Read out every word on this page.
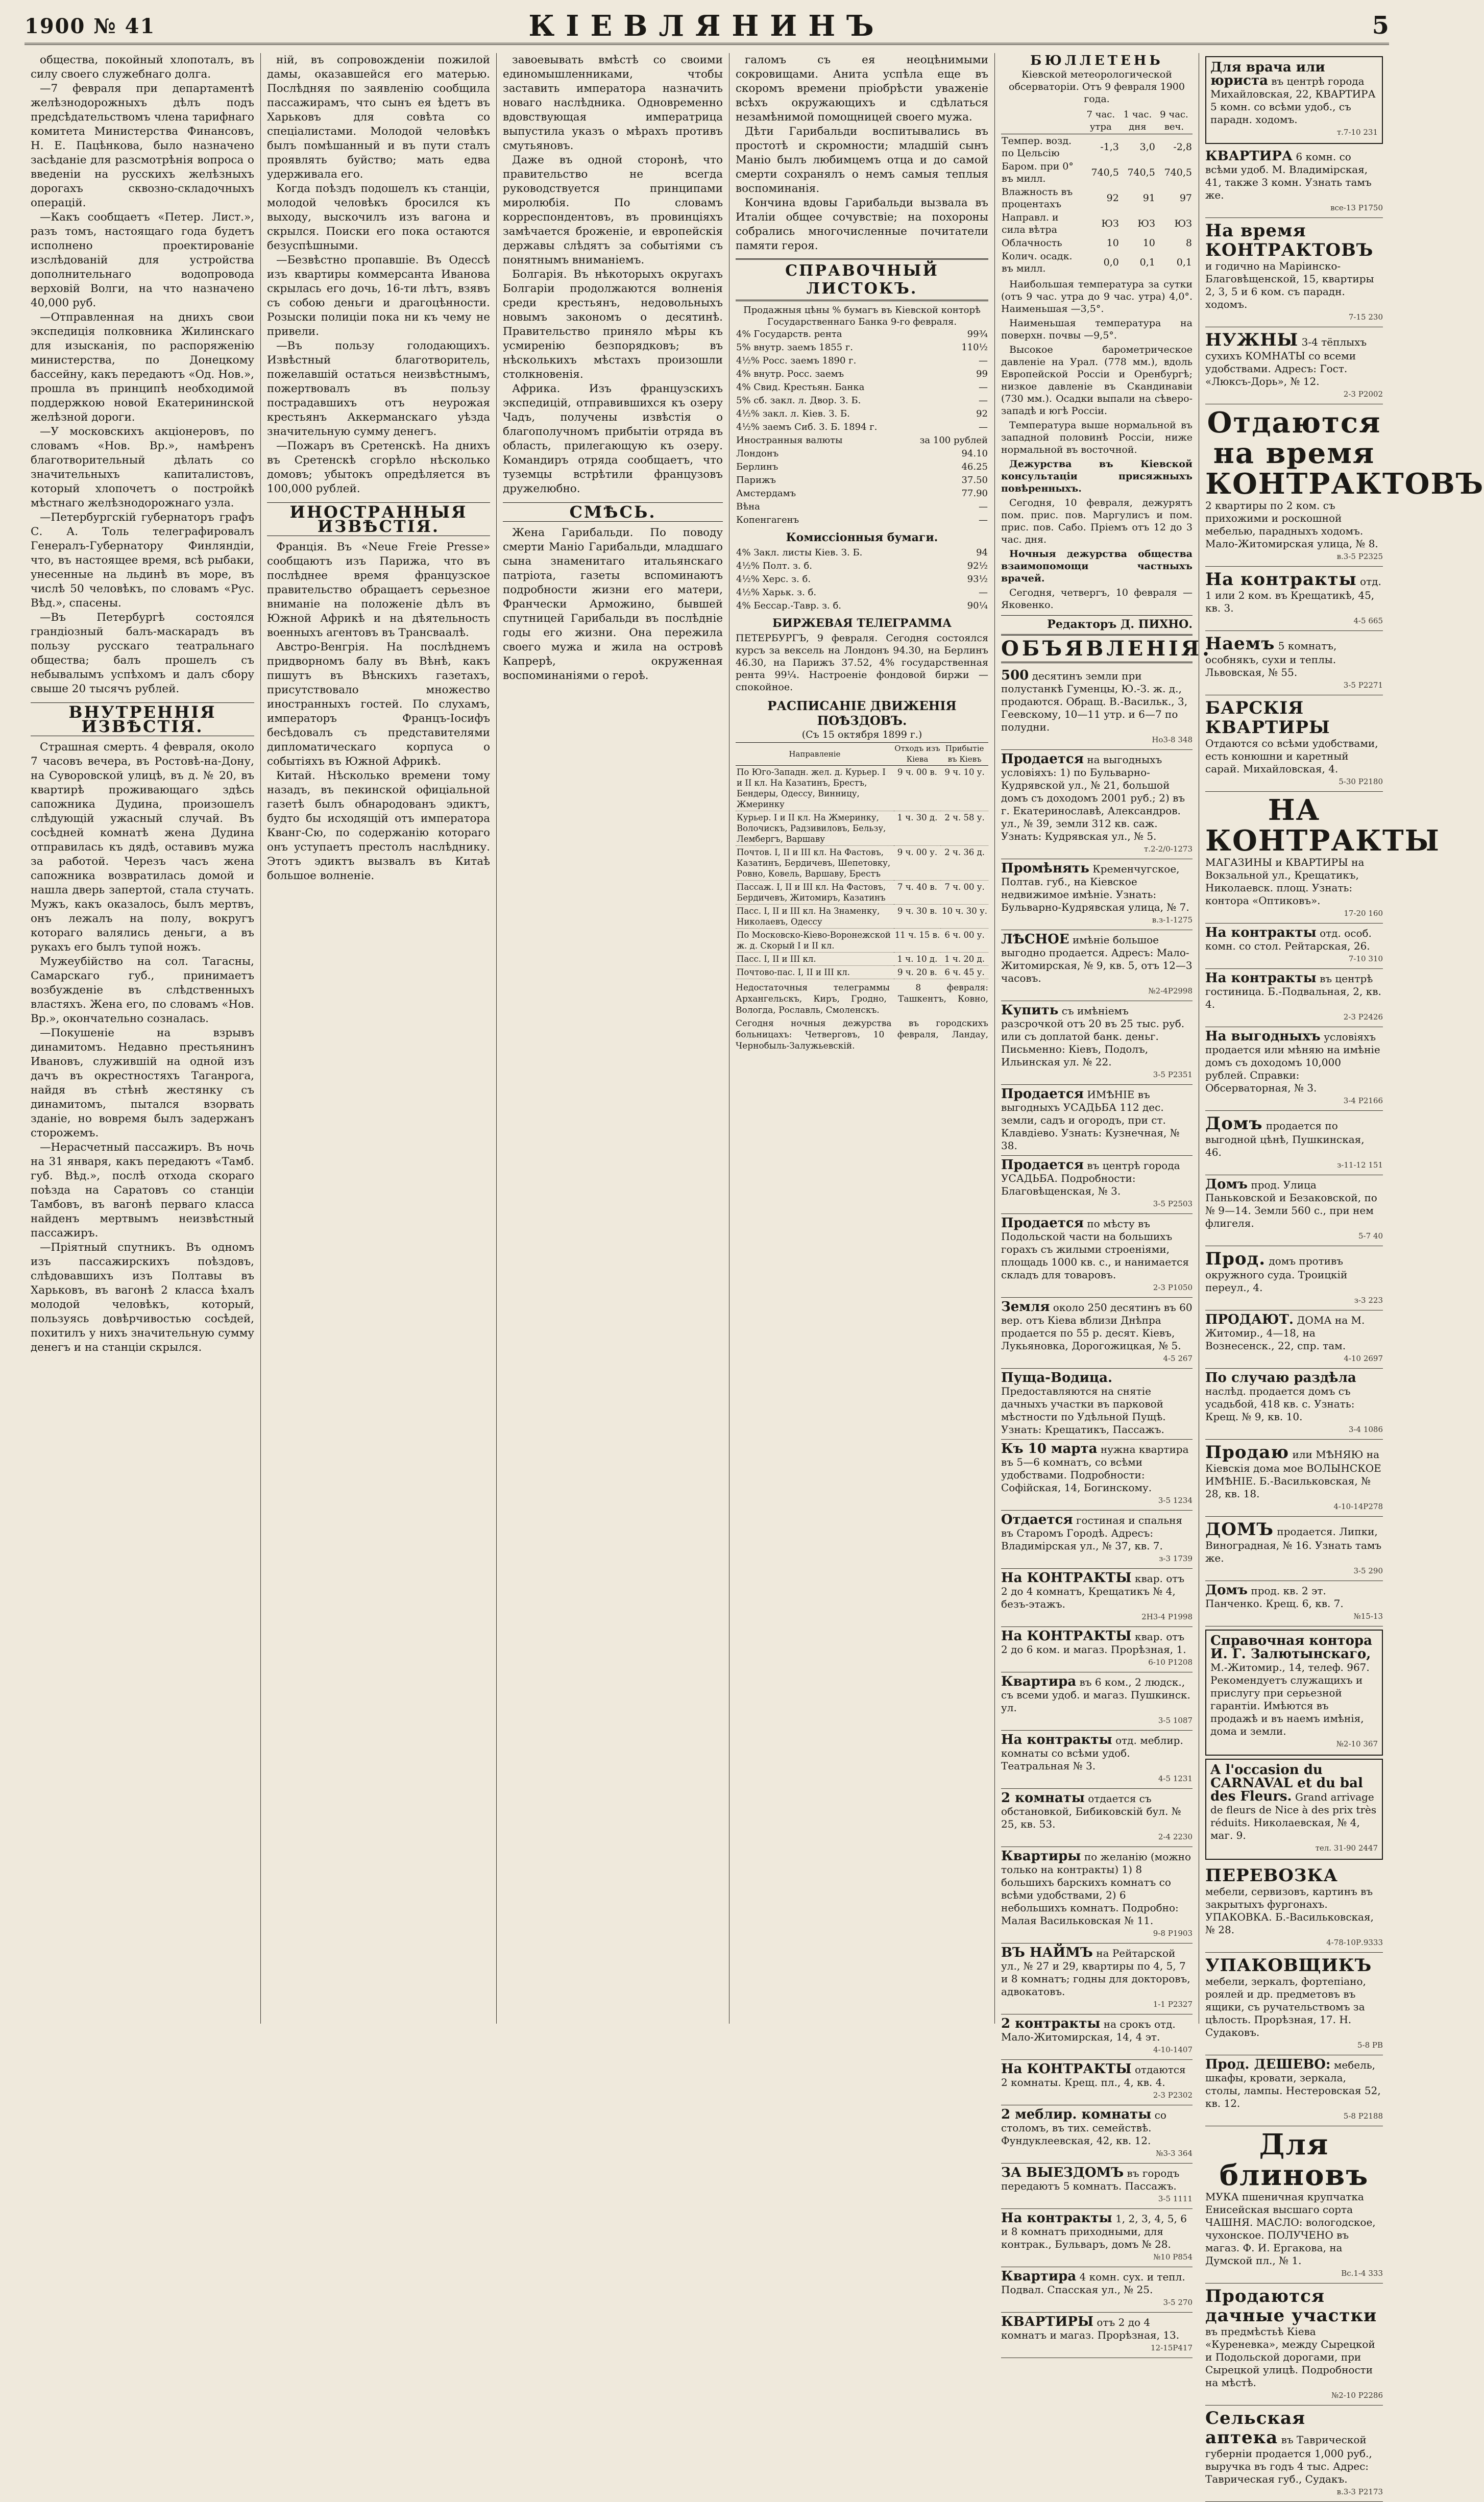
1900 № 41	КІЕВЛЯНИНЪ	5

общества, покойный хлопоталъ, въ силу своего служебнаго долга.

—7 февраля при департаментѣ желѣзнодорожныхъ дѣлъ подъ предсѣдательствомъ члена тарифнаго комитета Министерства Финансовъ, Н. Е. Пацѣнкова, было назначено засѣданіе для разсмотрѣнія вопроса о введеніи на русскихъ желѣзныхъ дорогахъ сквозно-складочныхъ операцій.

—Какъ сообщаетъ «Петер. Лист.», разъ томъ, настоящаго года будетъ исполнено проектированіе изслѣдованій для устройства дополнительнаго водопровода верховій Волги, на что назначено 40,000 руб.

—Отправленная на днихъ свои экспедиція полковника Жилинскаго для изысканія, по распоряженію министерства, по Донецкому бассейну, какъ передаютъ «Од. Нов.», прошла въ принципѣ необходимой поддержкою новой Екатерининской желѣзной дороги.

—У московскихъ акціонеровъ, по словамъ «Нов. Вр.», намѣренъ благотворительный дѣлать со значительныхъ капиталистовъ, который хлопочетъ о постройкѣ мѣстнаго желѣзнодорожнаго узла.

—Петербургскій губернаторъ графъ С. А. Толь телеграфировалъ Генералъ-Губернатору Финляндіи, что, въ настоящее время, всѣ рыбаки, унесенные на льдинѣ въ море, въ числѣ 50 человѣкъ, по словамъ «Рус. Вѣд.», спасены.

—Въ Петербургѣ состоялся грандіозный балъ-маскарадъ въ пользу русскаго театральнаго общества; балъ прошелъ съ небывалымъ успѣхомъ и далъ сбору свыше 20 тысячъ рублей.

ВНУТРЕННІЯ ИЗВѢСТІЯ.

Страшная смерть. 4 февраля, около 7 часовъ вечера, въ Ростовѣ-на-Дону, на Суворовской улицѣ, въ д. № 20, въ квартирѣ проживающаго здѣсь сапожника Дудина, произошелъ слѣдующій ужасный случай. Въ сосѣдней комнатѣ жена Дудина отправилась къ дядѣ, оставивъ мужа за работой. Черезъ часъ жена сапожника возвратилась домой и нашла дверь запертой, стала стучать. Мужъ, какъ оказалось, былъ мертвъ, онъ лежалъ на полу, вокругъ котораго валялись деньги, а въ рукахъ его былъ тупой ножъ.

Мужеубійство на сол. Тагасны, Самарскаго губ., принимаетъ возбужденіе въ слѣдственныхъ властяхъ. Жена его, по словамъ «Нов. Вр.», окончательно созналась.

—Покушеніе на взрывъ динамитомъ. Недавно престьянинъ Ивановъ, служившій на одной изъ дачъ въ окрестностяхъ Таганрога, найдя въ стѣнѣ жестянку съ динамитомъ, пытался взорвать зданіе, но вовремя былъ задержанъ сторожемъ.

—Нерасчетный пассажиръ. Въ ночь на 31 января, какъ передаютъ «Тамб. губ. Вѣд.», послѣ отхода скораго поѣзда на Саратовъ со станціи Тамбовъ, въ вагонѣ перваго класса найденъ мертвымъ неизвѣстный пассажиръ.

—Пріятный спутникъ. Въ одномъ изъ пассажирскихъ поѣздовъ, слѣдовавшихъ изъ Полтавы въ Харьковъ, въ вагонѣ 2 класса ѣхалъ молодой человѣкъ, который, пользуясь довѣрчивостью сосѣдей, похитилъ у нихъ значительную сумму денегъ и на станціи скрылся.

ній, въ сопровожденіи пожилой дамы, оказавшейся его матерью. Послѣдняя по заявленію сообщила пассажирамъ, что сынъ ея ѣдетъ въ Харьковъ для совѣта со спеціалистами. Молодой человѣкъ былъ помѣшанный и въ пути сталъ проявлять буйство; мать едва удерживала его.

Когда поѣздъ подошелъ къ станціи, молодой человѣкъ бросился къ выходу, выскочилъ изъ вагона и скрылся. Поиски его пока остаются безуспѣшными.

—Безвѣстно пропавшіе. Въ Одессѣ изъ квартиры коммерсанта Иванова скрылась его дочь, 16-ти лѣтъ, взявъ съ собою деньги и драгоцѣнности. Розыски полиціи пока ни къ чему не привели.

—Въ пользу голодающихъ. Извѣстный благотворитель, пожелавшій остаться неизвѣстнымъ, пожертвовалъ въ пользу пострадавшихъ отъ неурожая крестьянъ Аккерманскаго уѣзда значительную сумму денегъ.

—Пожаръ въ Сретенскѣ. На днихъ въ Сретенскѣ сгорѣло нѣсколько домовъ; убытокъ опредѣляется въ 100,000 рублей.

ИНОСТРАННЫЯ ИЗВѢСТІЯ.

Франція. Въ «Neue Freie Presse» сообщаютъ изъ Парижа, что въ послѣднее время французское правительство обращаетъ серьезное вниманіе на положеніе дѣлъ въ Южной Африкѣ и на дѣятельность военныхъ агентовъ въ Трансваалѣ.

Австро-Венгрія. На послѣднемъ придворномъ балу въ Вѣнѣ, какъ пишутъ въ Вѣнскихъ газетахъ, присутствовало множество иностранныхъ гостей. По слухамъ, императоръ Францъ-Іосифъ бесѣдовалъ съ представителями дипломатическаго корпуса о событіяхъ въ Южной Африкѣ.

Китай. Нѣсколько времени тому назадъ, въ пекинской офиціальной газетѣ былъ обнародованъ эдиктъ, будто бы исходящій отъ императора Кванг-Сю, по содержанію котораго онъ уступаетъ престолъ наслѣднику. Этотъ эдиктъ вызвалъ въ Китаѣ большое волненіе.

завоевывать вмѣстѣ со своими единомышленниками, чтобы заставить императора назначить новаго наслѣдника. Одновременно вдовствующая императрица выпустила указъ о мѣрахъ противъ смутьяновъ.

Даже въ одной сторонѣ, что правительство не всегда руководствуется принципами миролюбія. По словамъ корреспондентовъ, въ провинціяхъ замѣчается броженіе, и европейскія державы слѣдятъ за событіями съ понятнымъ вниманіемъ.

Болгарія. Въ нѣкоторыхъ округахъ Болгаріи продолжаются волненія среди крестьянъ, недовольныхъ новымъ закономъ о десятинѣ. Правительство приняло мѣры къ усмиренію безпорядковъ; въ нѣсколькихъ мѣстахъ произошли столкновенія.

Африка. Изъ французскихъ экспедицій, отправившихся къ озеру Чадъ, получены извѣстія о благополучномъ прибытіи отряда въ область, прилегающую къ озеру. Командиръ отряда сообщаетъ, что туземцы встрѣтили французовъ дружелюбно.

СМѢСЬ.

Жена Гарибальди. По поводу смерти Маніо Гарибальди, младшаго сына знаменитаго итальянскаго патріота, газеты вспоминаютъ подробности жизни его матери, Франчески Арможино, бывшей спутницей Гарибальди въ послѣдніе годы его жизни. Она пережила своего мужа и жила на островѣ Капрерѣ, окруженная воспоминаніями о героѣ.

галомъ съ ея неоцѣнимыми сокровищами. Анита успѣла еще въ скоромъ времени пріобрѣсти уваженіе всѣхъ окружающихъ и сдѣлаться незамѣнимой помощницей своего мужа.

Дѣти Гарибальди воспитывались въ простотѣ и скромности; младшій сынъ Маніо былъ любимцемъ отца и до самой смерти сохранялъ о немъ самыя теплыя воспоминанія.

Кончина вдовы Гарибальди вызвала въ Италіи общее сочувствіе; на похороны собрались многочисленные почитатели памяти героя.

СПРАВОЧНЫЙ ЛИСТОКЪ.
Продажныя цѣны % бумагъ въ Кіевской конторѣ Государственнаго Банка 9-го февраля.
4% Государств. рента	99¾
5% внутр. заемъ 1855 г.	110½
4½% Росс. заемъ 1890 г.	—
4% внутр. Росс. заемъ	99
4% Свид. Крестьян. Банка	—
5% сб. закл. л. Двор. З. Б.	—
4½% закл. л. Кіев. З. Б.	92
4½% заемъ Сиб. 3. Б. 1894 г.	—
Иностранныя валюты	за 100 рублей
Лондонъ	94.10
Берлинъ	46.25
Парижъ	37.50
Амстердамъ	77.90
Вѣна	—
Копенгагенъ	—
Комиссіонныя бумаги.
4% Закл. листы Кіев. З. Б.	94
4½% Полт. з. б.	92½
4½% Херс. з. б.	93½
4½% Харьк. з. б.	—
4% Бессар.-Тавр. з. б.	90¼
БИРЖЕВАЯ ТЕЛЕГРАММА
ПЕТЕРБУРГЪ, 9 февраля. Сегодня состоялся курсъ за вексель на Лондонъ 94.30, на Берлинъ 46.30, на Парижъ 37.52, 4% государственная рента 99¼. Настроеніе фондовой биржи — спокойное.
РАСПИСАНІЕ ДВИЖЕНІЯ ПОѢЗДОВЪ.
(Съ 15 октября 1899 г.)
Направленіе	Отходъ изъ Кіева	Прибытіе въ Кіевъ
По Юго-Западн. жел. д. Курьер. I и II кл. На Казатинъ, Брестъ, Бендеры, Одессу, Винницу, Жмеринку	9 ч. 00 в.	9 ч. 10 у.
Курьер. I и II кл. На Жмеринку, Волочискъ, Радзивиловъ, Бельзу, Лембергъ, Варшаву	1 ч. 30 д.	2 ч. 58 у.
Почтов. I, II и III кл. На Фастовъ, Казатинъ, Бердичевъ, Шепетовку, Ровно, Ковель, Варшаву, Брестъ	9 ч. 00 у.	2 ч. 36 д.
Пассаж. I, II и III кл. На Фастовъ, Бердичевъ, Житомиръ, Казатинъ	7 ч. 40 в.	7 ч. 00 у.
Пасс. I, II и III кл. На Знаменку, Николаевъ, Одессу	9 ч. 30 в.	10 ч. 30 у.
По Московско-Кіево-Воронежской ж. д. Скорый I и II кл.	11 ч. 15 в.	6 ч. 00 у.
Пасс. I, II и III кл.	1 ч. 10 д.	1 ч. 20 д.
Почтово-пас. I, II и III кл.	9 ч. 20 в.	6 ч. 45 у.
Недостаточныя телеграммы 8 февраля: Архангельскъ, Киръ, Гродно, Ташкентъ, Ковно, Вологда, Рославль, Смоленскъ.
Сегодня ночныя дежурства въ городскихъ больницахъ: Четверговъ, 10 февраля, Ландау, Чернобыль-Залужьевскій.
БЮЛЛЕТЕНЬ
Кіевской метеорологической обсерваторіи. Отъ 9 февраля 1900 года.
	7 час. утра	1 час. дня	9 час. веч.
Темпер. возд. по Цельсію	-1,3	3,0	-2,8
Баром. при 0° въ милл.	740,5	740,5	740,5
Влажность въ процентахъ	92	91	97
Направл. и сила вѣтра	ЮЗ	ЮЗ	ЮЗ
Облачность	10	10	8
Колич. осадк. въ милл.	0,0	0,1	0,1

Наибольшая температура за сутки (отъ 9 час. утра до 9 час. утра) 4,0°. Наименьшая —3,5°.

Наименьшая температура на поверхн. почвы —9,5°.

Высокое барометрическое давленіе на Урал. (778 мм.), вдоль Европейской Россіи и Оренбургѣ; низкое давленіе въ Скандинавіи (730 мм.). Осадки выпали на сѣверо-западѣ и югѣ Россіи.

Температура выше нормальной въ западной половинѣ Россіи, ниже нормальной въ восточной.

Дежурства въ Кіевской консультаціи присяжныхъ повѣренныхъ.

Сегодня, 10 февраля, дежурятъ пом. прис. пов. Маргулисъ и пом. прис. пов. Сабо. Пріемъ отъ 12 до 3 час. дня.

Ночныя дежурства общества взаимопомощи частныхъ врачей.

Сегодня, четвергъ, 10 февраля — Яковенко.

Редакторъ Д. ПИХНО.
ОБЪЯВЛЕНІЯ.
500 десятинъ земли при полустанкѣ Гуменцы, Ю.-З. ж. д., продаются. Обращ. В.-Васильк., 3, Геевскому, 10—11 утр. и 6—7 по полудни.
Но3-8 348
Продается на выгодныхъ условіяхъ: 1) по Бульварно-Кудрявской ул., № 21, большой домъ съ доходомъ 2001 руб.; 2) въ г. Екатеринославѣ, Александров. ул., № 39, земли 312 кв. саж. Узнать: Кудрявская ул., № 5.
т.2-2/0-1273
Промѣнять Кременчугское, Полтав. губ., на Кіевское недвижимое имѣніе. Узнать: Бульварно-Кудрявская улица, № 7.
в.з-1-1275
ЛѢСНОЕ имѣніе большое выгодно продается. Адресъ: Мало-Житомирская, № 9, кв. 5, отъ 12—3 часовъ.
№2-4Р2998
Купить съ имѣніемъ разсрочкой отъ 20 въ 25 тыс. руб. или съ доплатой банк. деньг. Письменно: Кіевъ, Подолъ, Ильинская ул. № 22.
3-5 Р2351
Продается ИМѢНІЕ въ выгодныхъ УСАДЬБА 112 дес. земли, садъ и огородъ, при ст. Клавдіево. Узнать: Кузнечная, № 38.
Продается въ центрѣ города УСАДЬБА. Подробности: Благовѣщенская, № 3.
3-5 Р2503
Продается по мѣсту въ Подольской части на большихъ горахъ съ жилыми строеніями, площадь 1000 кв. с., и нанимается складъ для товаровъ.
2-3 Р1050
Земля около 250 десятинъ въ 60 вер. отъ Кіева вблизи Днѣпра продается по 55 р. десят. Кіевъ, Лукьяновка, Дорогожицкая, № 5.
4-5 267
Пуща-Водица. Предоставляются на снятіе дачныхъ участки въ парковой мѣстности по Удѣльной Пущѣ. Узнать: Крещатикъ, Пассажъ.
Къ 10 марта нужна квартира въ 5—6 комнатъ, со всѣми удобствами. Подробности: Софійская, 14, Богинскому.
3-5 1234
Отдается гостиная и спальня въ Старомъ Городѣ. Адресъ: Владимірская ул., № 37, кв. 7.
з-3 1739
На КОНТРАКТЫ квар. отъ 2 до 4 комнатъ, Крещатикъ № 4, безъ-этажъ.
2Н3-4 Р1998
На КОНТРАКТЫ квар. отъ 2 до 6 ком. и магаз. Прорѣзная, 1.
6-10 Р1208
Квартира въ 6 ком., 2 людск., съ всеми удоб. и магаз. Пушкинск. ул.
3-5 1087
На контракты отд. меблир. комнаты со всѣми удоб. Театральная № 3.
4-5 1231
2 комнаты отдается съ обстановкой, Бибиковскій бул. № 25, кв. 53.
2-4 2230
Квартиры по желанію (можно только на контракты) 1) 8 большихъ барскихъ комнатъ со всѣми удобствами, 2) 6 небольшихъ комнатъ. Подробно: Малая Васильковская № 11.
9-8 Р1903
ВЪ НАЙМЪ на Рейтарской ул., № 27 и 29, квартиры по 4, 5, 7 и 8 комнатъ; годны для докторовъ, адвокатовъ.
1-1 Р2327
2 контракты на срокъ отд. Мало-Житомирская, 14, 4 эт.
4-10-1407
На КОНТРАКТЫ отдаются 2 комнаты. Крещ. пл., 4, кв. 4.
2-3 Р2302
2 меблир. комнаты со столомъ, въ тих. семействѣ. Фундуклеевская, 42, кв. 12.
№3-3 364
ЗА ВЫЕЗДОМЪ въ городъ передаютъ 5 комнатъ. Пассажъ.
3-5 1111
На контракты 1, 2, 3, 4, 5, 6 и 8 комнатъ приходными, для контрак., Бульваръ, домъ № 28.
№10 Р854
Квартира 4 комн. сух. и тепл. Подвал. Спасская ул., № 25.
3-5 270
КВАРТИРЫ отъ 2 до 4 комнатъ и магаз. Прорѣзная, 13.
12-15Р417
Для врача или юриста въ центрѣ города Михайловская, 22, КВАРТИРА 5 комн. со всѣми удоб., съ парадн. ходомъ.
т.7-10 231
КВАРТИРА 6 комн. со всѣми удоб. М. Владимірская, 41, также 3 комн. Узнать тамъ же.
все-13 Р1750
На время КОНТРАКТОВЪ и годично на Маріинско-Благовѣщенской, 15, квартиры 2, 3, 5 и 6 ком. съ парадн. ходомъ.
7-15 230
НУЖНЫ 3-4 тёплыхъ сухихъ КОМНАТЫ со всеми удобствами. Адресъ: Гост. «Люксъ-Дорь», № 12.
2-3 Р2002
Отдаются на время КОНТРАКТОВЪ
2 квартиры по 2 ком. съ прихожими и роскошной мебелью, парадныхъ ходомъ. Мало-Житомирская улица, № 8.
в.3-5 Р2325
На контракты отд. 1 или 2 ком. въ Крещатикѣ, 45, кв. 3.
4-5 665
Наемъ 5 комнатъ, особнякъ, сухи и теплы. Львовская, № 55.
3-5 Р2271
БАРСКІЯ КВАРТИРЫ Отдаются со всѣми удобствами, есть конюшни и каретный сарай. Михайловская, 4.
5-30 Р2180
НА КОНТРАКТЫ
МАГАЗИНЫ и КВАРТИРЫ на Вокзальной ул., Крещатикъ, Николаевск. площ. Узнать: контора «Оптиковъ».
17-20 160
На контракты отд. особ. комн. со стол. Рейтарская, 26.
7-10 310
На контракты въ центрѣ гостиница. Б.-Подвальная, 2, кв. 4.
2-3 Р2426
На выгодныхъ условіяхъ продается или мѣняю на имѣніе домъ съ доходомъ 10,000 рублей. Справки: Обсерваторная, № 3.
3-4 Р2166
Домъ продается по выгодной цѣнѣ, Пушкинская, 46.
з-11-12 151
Домъ прод. Улица Паньковской и Безаковской, по № 9—14. Земли 560 с., при нем флигеля.
5-7 40
Прод. домъ противъ окружного суда. Троицкій переул., 4.
з-3 223
ПРОДАЮТ. ДОМА на М. Житомир., 4—18, на Вознесенск., 22, спр. там.
4-10 2697
По случаю раздѣла наслѣд. продается домъ съ усадьбой, 418 кв. с. Узнать: Крещ. № 9, кв. 10.
3-4 1086
Продаю или МѢНЯЮ на Кіевскія дома мое ВОЛЫНСКОЕ ИМѢНІЕ. Б.-Васильковская, № 28, кв. 18.
4-10-14Р278
ДОМЪ продается. Липки, Виноградная, № 16. Узнать тамъ же.
3-5 290
Домъ прод. кв. 2 эт. Панченко. Крещ. 6, кв. 7.
№15-13
Справочная контора И. Г. Залютынскаго, М.-Житомир., 14, телеф. 967. Рекомендуетъ служащихъ и прислугу при серьезной гарантіи. Имѣются въ продажѣ и въ наемъ имѣнія, дома и земли.
№2-10 367
A l'occasion du CARNAVAL et du bal des Fleurs. Grand arrivage de fleurs de Nice à des prix très réduits. Николаевская, № 4, маг. 9.
тел. 31-90 2447
ПЕРЕВОЗКА мебели, сервизовъ, картинъ въ закрытыхъ фургонахъ. УПАКОВКА. Б.-Васильковская, № 28.
4-78-10Р.9333
УПАКОВЩИКЪ мебели, зеркалъ, фортепіано, роялей и др. предметовъ въ ящики, съ ручательствомъ за цѣлость. Прорѣзная, 17. Н. Судаковъ.
5-8 РВ
Прод. ДЕШЕВО: мебель, шкафы, кровати, зеркала, столы, лампы. Нестеровская 52, кв. 12.
5-8 Р2188
Для блиновъ
МУКА пшеничная крупчатка Енисейская высшаго сорта ЧАШНЯ. МАСЛО: вологодское, чухонское. ПОЛУЧЕНО въ магаз. Ф. И. Ергакова, на Думской пл., № 1.
Вс.1-4 333
Продаются дачные участки въ предмѣстьѣ Кіева «Куреневка», между Сырецкой и Подольской дорогами, при Сырецкой улицѣ. Подробности на мѣстѣ.
№2-10 Р2286
Сельская аптека въ Таврической губерніи продается 1,000 руб., выручка въ годъ 4 тыс. Адрес: Таврическая губ., Судакъ.
в.3-3 Р2173
